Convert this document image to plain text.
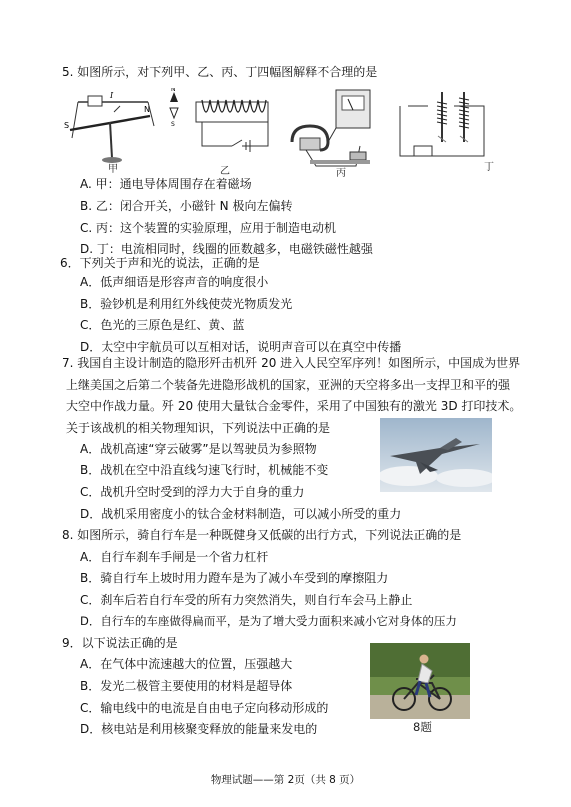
5. 如图所示，对下列甲、乙、丙、丁四幅图解释不合理的是
S
N
I
甲
N
S
乙	丙
丁
A. 甲：通电导体周围存在着磁场
B. 乙：闭合开关，小磁针 N 极向左偏转
C. 丙：这个装置的实验原理，应用于制造电动机
D. 丁：电流相同时，线圈的匝数越多，电磁铁磁性越强
6．下列关于声和光的说法，正确的是
A．低声细语是形容声音的响度很小
B．验钞机是利用红外线使荧光物质发光
C．色光的三原色是红、黄、蓝
D．太空中宇航员可以互相对话，说明声音可以在真空中传播
7. 我国自主设计制造的隐形歼击机歼 20 进入人民空军序列！如图所示，中国成为世界
上继美国之后第二个装备先进隐形战机的国家，亚洲的天空将多出一支捍卫和平的强
大空中作战力量。歼 20 使用大量钛合金零件，采用了中国独有的激光 3D 打印技术。
关于该战机的相关物理知识，下列说法中正确的是
A．战机高速“穿云破雾”是以驾驶员为参照物
B．战机在空中沿直线匀速飞行时，机械能不变
C．战机升空时受到的浮力大于自身的重力
D．战机采用密度小的钛合金材料制造，可以减小所受的重力
8. 如图所示，骑自行车是一种既健身又低碳的出行方式，下列说法正确的是
A．自行车刹车手闸是一个省力杠杆
B．骑自行车上坡时用力蹬车是为了减小车受到的摩擦阻力
C．刹车后若自行车受的所有力突然消失，则自行车会马上静止
D．自行车的车座做得扁而平，是为了增大受力面积来减小它对身体的压力
9．以下说法正确的是
A．在气体中流速越大的位置，压强越大
B．发光二极管主要使用的材料是超导体
C．输电线中的电流是自由电子定向移动形成的
D．核电站是利用核聚变释放的能量来发电的	8题
物理试题——第 2页（共 8 页）
